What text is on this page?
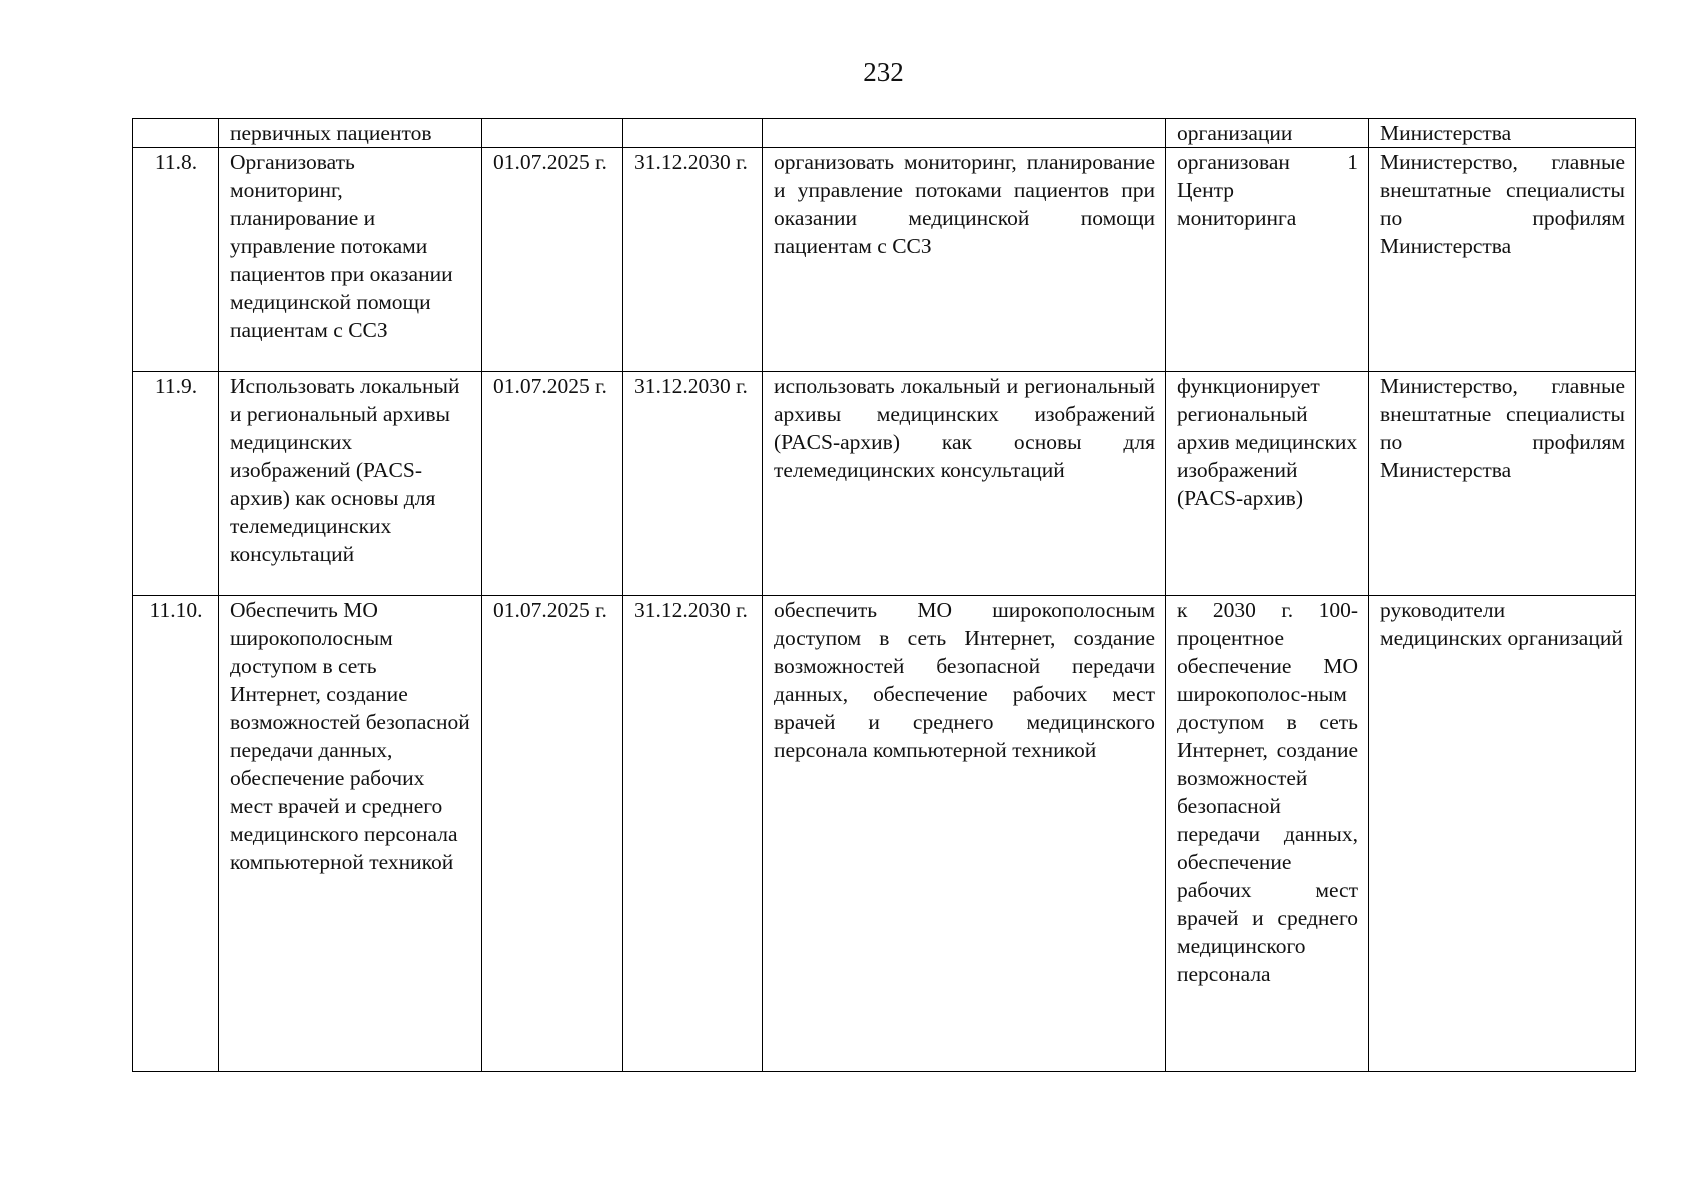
232
	первичных пациентов				организации	Министерства
11.8.	Организовать мониторинг, планирование и управление потоками пациентов при оказании медицинской помощи пациентам с ССЗ	01.07.2025 г.	31.12.2030 г.	организовать мониторинг, планирование и управление потоками пациентов при оказании медицинской помощи пациентам с ССЗ	организован 1 Центр мониторинга	Министерство, главные внештатные специалисты по профилям Министерства
11.9.	Использовать локальный и региональный архивы медицинских изображений (PACS-архив) как основы для телемедицинских консультаций	01.07.2025 г.	31.12.2030 г.	использовать локальный и региональный архивы медицинских изображений (PACS-архив) как основы для телемедицинских консультаций	функционирует региональный архив медицинских изображений (PACS-архив)	Министерство, главные внештатные специалисты по профилям Министерства
11.10.	Обеспечить МО широкополосным доступом в сеть Интернет, создание возможностей безопасной передачи данных, обеспечение рабочих мест врачей и среднего медицинского персонала компьютерной техникой	01.07.2025 г.	31.12.2030 г.	обеспечить МО широкополосным доступом в сеть Интернет, создание возможностей безопасной передачи данных, обеспечение рабочих мест врачей и среднего медицинского персонала компьютерной техникой	к 2030 г. 100-процентное обеспечение МО широкополос-ным доступом в сеть Интернет, создание возможностей безопасной передачи данных, обеспечение рабочих мест врачей и среднего медицинского персонала	руководители медицинских организаций
